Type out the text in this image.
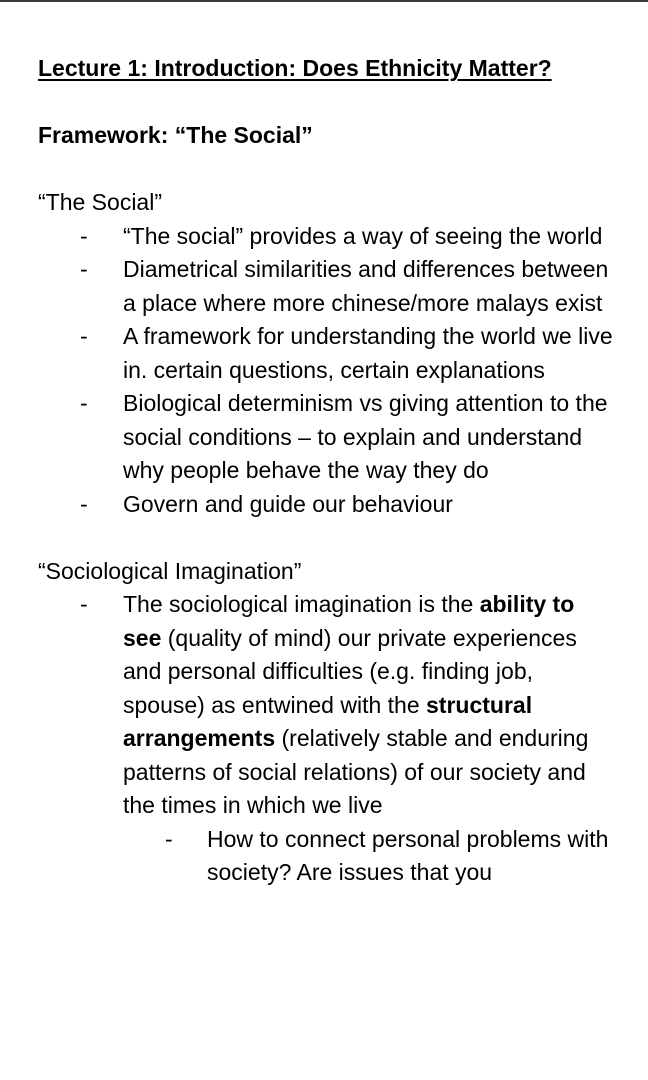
Lecture 1: Introduction: Does Ethnicity Matter?

Framework: “The Social”

“The Social”

- “The social” provides a way of seeing the world
- Diametrical similarities and differences between a place where more chinese/more malays exist
- A framework for understanding the world we live in. certain questions, certain explanations
- Biological determinism vs giving attention to the social conditions – to explain and understand why people behave the way they do
- Govern and guide our behaviour

“Sociological Imagination”

- The sociological imagination is the ability to see (quality of mind) our private experiences and personal difficulties (e.g. finding job, spouse) as entwined with the structural arrangements (relatively stable and enduring patterns of social relations) of our society and the times in which we live
- How to connect personal problems with society? Are issues that you
